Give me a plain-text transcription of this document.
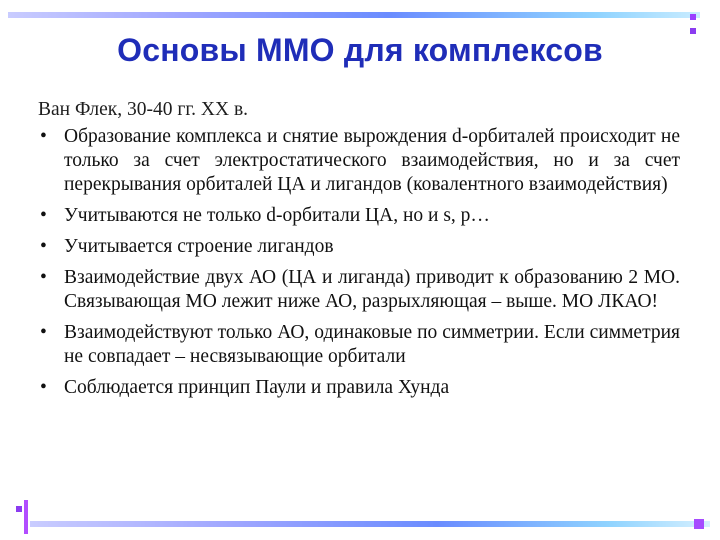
Основы ММО для комплексов
Ван Флек, 30-40 гг. XX в.
• Образование комплекса и снятие вырождения d-орбиталей происходит не только за счет электростатического взаимодействия, но и за счет перекрывания орбиталей ЦА и лигандов (ковалентного взаимодействия)
• Учитываются не только d-орбитали ЦА, но и s, p…
• Учитывается строение лигандов
• Взаимодействие двух АО (ЦА и лиганда) приводит к образованию 2 МО. Связывающая МО лежит ниже АО, разрыхляющая – выше. МО ЛКАО!
• Взаимодействуют только АО, одинаковые по симметрии. Если симметрия не совпадает – несвязывающие орбитали
• Соблюдается принцип Паули и правила Хунда
